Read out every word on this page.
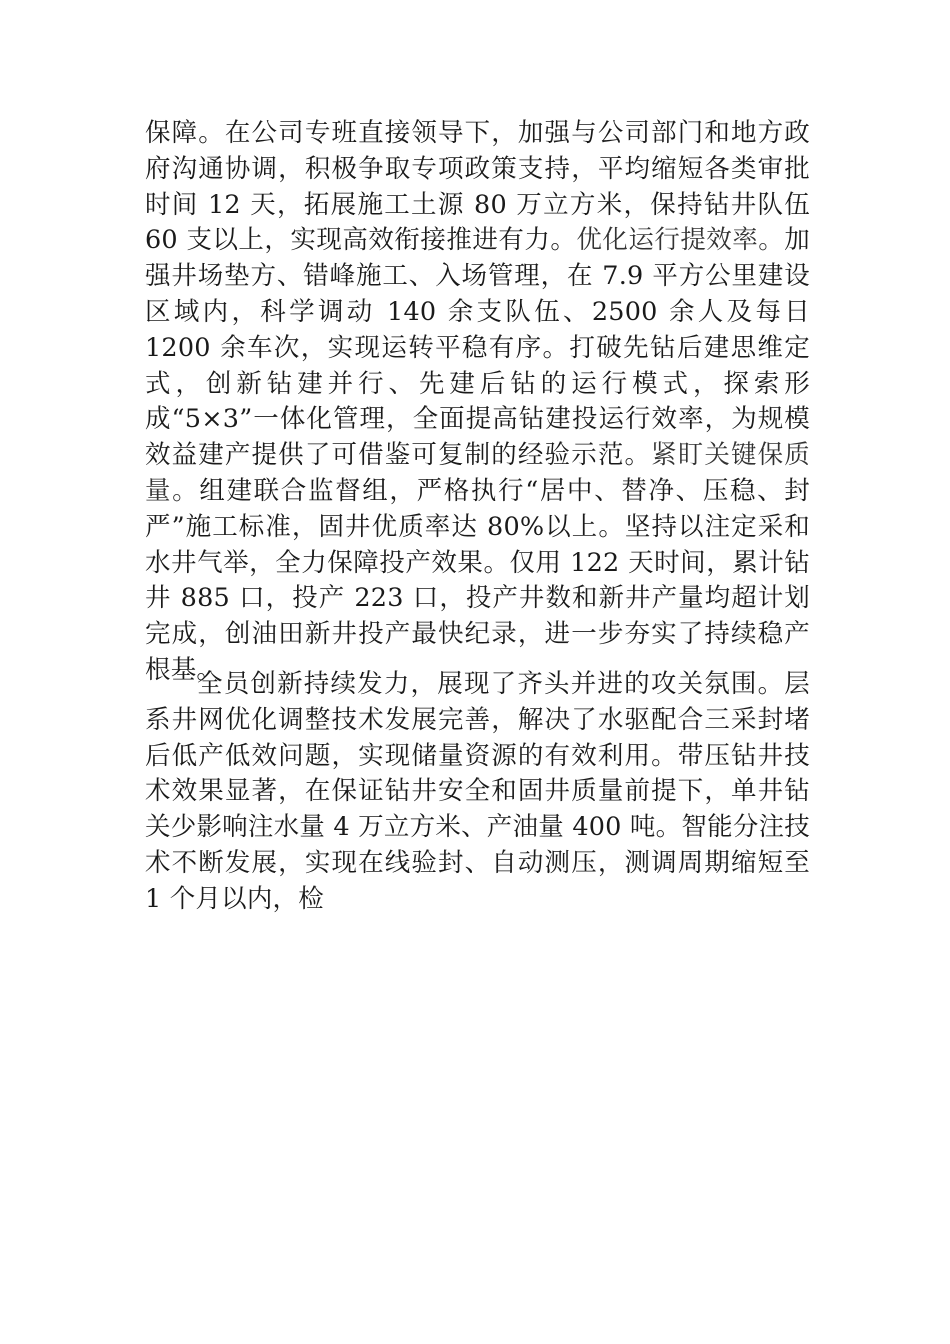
保障。在公司专班直接领导下，加强与公司部门和地方政府沟通协调，积极争取专项政策支持，平均缩短各类审批时间 12 天，拓展施工土源 80 万立方米，保持钻井队伍 60 支以上，实现高效衔接推进有力。优化运行提效率。加强井场垫方、错峰施工、入场管理，在 7.9 平方公里建设区域内，科学调动 140 余支队伍、2500 余人及每日 1200 余车次，实现运转平稳有序。打破先钻后建思维定式，创新钻建并行、先建后钻的运行模式，探索形成“5×3”一体化管理，全面提高钻建投运行效率，为规模效益建产提供了可借鉴可复制的经验示范。紧盯关键保质量。组建联合监督组，严格执行“居中、替净、压稳、封严”施工标准，固井优质率达 80%以上。坚持以注定采和水井气举，全力保障投产效果。仅用 122 天时间，累计钻井 885 口，投产 223 口，投产井数和新井产量均超计划完成，创油田新井投产最快纪录，进一步夯实了持续稳产根基。
全员创新持续发力，展现了齐头并进的攻关氛围。层系井网优化调整技术发展完善，解决了水驱配合三采封堵后低产低效问题，实现储量资源的有效利用。带压钻井技术效果显著，在保证钻井安全和固井质量前提下，单井钻关少影响注水量 4 万立方米、产油量 400 吨。智能分注技术不断发展，实现在线验封、自动测压，测调周期缩短至 1 个月以内，检
